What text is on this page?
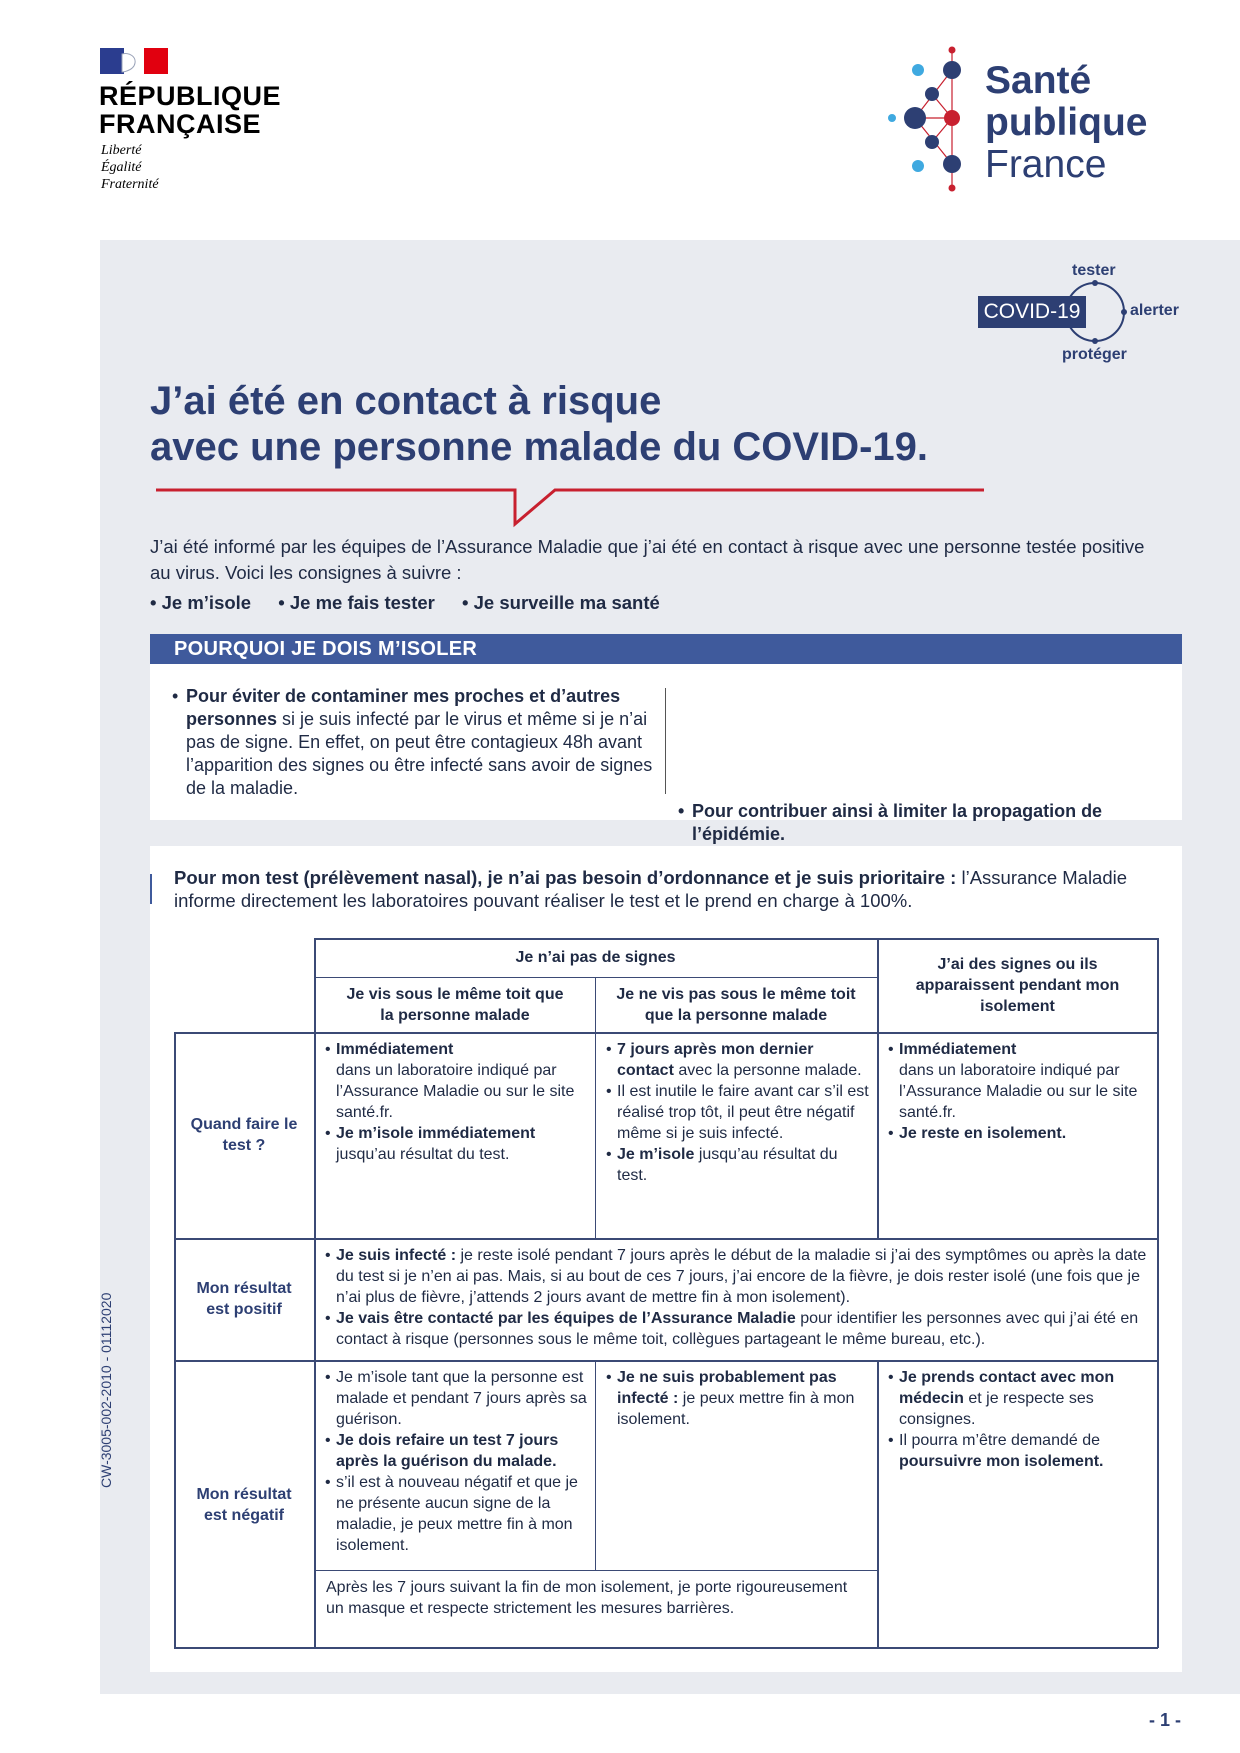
RÉPUBLIQUE
FRANÇAISE
Liberté
Égalité
Fraternité
Santé
publique
France
COVID-19
tester
alerter
protéger
J’ai été en contact à risque
avec une personne malade du COVID-19.
J’ai été informé par les équipes de l’Assurance Maladie que j’ai été en contact à risque avec une personne testée positive au virus. Voici les consignes à suivre :
• Je m’isole • Je me fais tester • Je surveille ma santé
POURQUOI JE DOIS M’ISOLER
• Pour éviter de contaminer mes proches et d’autres personnes si je suis infecté par le virus et même si je n’ai pas de signe. En effet, on peut être contagieux 48h avant l’apparition des signes ou être infecté sans avoir de signes de la maladie.
• Pour contribuer ainsi à limiter la propagation de l’épidémie.
Pour mon test (prélèvement nasal), je n’ai pas besoin d’ordonnance et je suis prioritaire : l’Assurance Maladie informe directement les laboratoires pouvant réaliser le test et le prend en charge à 100%.
Je n’ai pas de signes
Je vis sous le même toit que la personne malade
Je ne vis pas sous le même toit que la personne malade
J’ai des signes ou ils apparaissent pendant mon isolement
Quand faire le test ?
Mon résultat est positif
Mon résultat est négatif
• Immédiatement
dans un laboratoire indiqué par l’Assurance Maladie ou sur le site santé.fr.
• Je m’isole immédiatement jusqu’au résultat du test.
• 7 jours après mon dernier contact avec la personne malade.
• Il est inutile le faire avant car s’il est réalisé trop tôt, il peut être négatif même si je suis infecté.
• Je m’isole jusqu’au résultat du test.
• Immédiatement
dans un laboratoire indiqué par l’Assurance Maladie ou sur le site santé.fr.
• Je reste en isolement.
• Je suis infecté : je reste isolé pendant 7 jours après le début de la maladie si j’ai des symptômes ou après la date du test si je n’en ai pas. Mais, si au bout de ces 7 jours, j’ai encore de la fièvre, je dois rester isolé (une fois que je n’ai plus de fièvre, j’attends 2 jours avant de mettre fin à mon isolement).
• Je vais être contacté par les équipes de l’Assurance Maladie pour identifier les personnes avec qui j’ai été en contact à risque (personnes sous le même toit, collègues partageant le même bureau, etc.).
• Je m’isole tant que la personne est malade et pendant 7 jours après sa guérison.
• Je dois refaire un test 7 jours après la guérison du malade.
• s’il est à nouveau négatif et que je ne présente aucun signe de la maladie, je peux mettre fin à mon isolement.
• Je ne suis probablement pas infecté : je peux mettre fin à mon isolement.
• Je prends contact avec mon médecin et je respecte ses consignes.
• Il pourra m’être demandé de poursuivre mon isolement.
Après les 7 jours suivant la fin de mon isolement, je porte rigoureusement un masque et respecte strictement les mesures barrières.
CW-3005-002-2010 - 01112020
- 1 -
